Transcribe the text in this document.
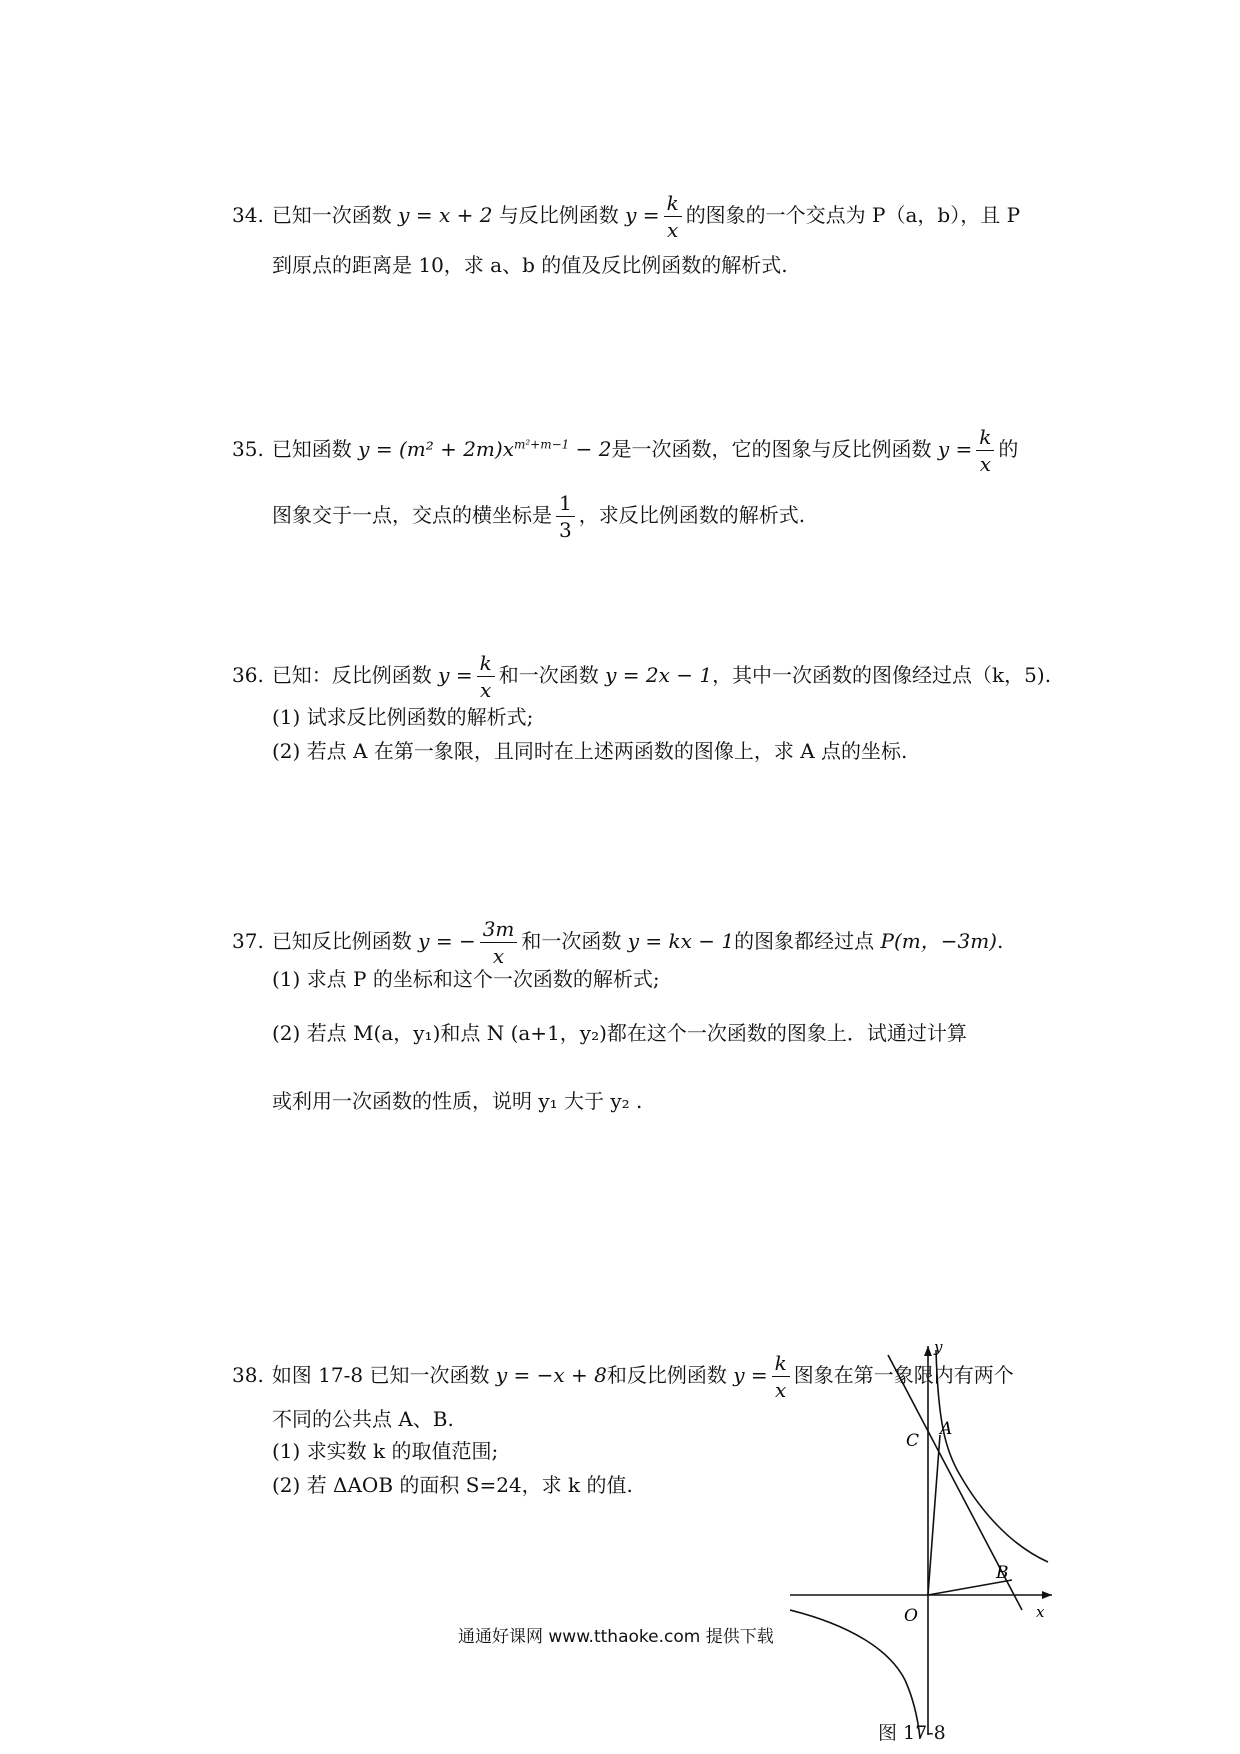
34. 已知一次函数 y = x + 2 与反比例函数 $y = \frac{k}{x}$ 的图象的一个交点为 P（a，b），且 P
到原点的距离是 10，求 a、b 的值及反比例函数的解析式.
35. 已知函数 $y = (m^2 + 2m)x^{m^2+m-1} - 2$是一次函数，它的图象与反比例函数 $y = \frac{k}{x}$ 的
图象交于一点，交点的横坐标是 $\frac{1}{3}$ ，求反比例函数的解析式.
36. 已知：反比例函数 $y = \frac{k}{x}$ 和一次函数 y = 2x − 1，其中一次函数的图像经过点（k，5).
(1) 试求反比例函数的解析式;
(2) 若点 A 在第一象限，且同时在上述两函数的图像上，求 A 点的坐标.
37. 已知反比例函数 y = − $\frac{3m}{x}$ 和一次函数 y = kx − 1的图象都经过点 P(m，−3m).
(1) 求点 P 的坐标和这个一次函数的解析式;
(2) 若点 M(a，y₁)和点 N (a+1，y₂)都在这个一次函数的图象上．试通过计算
或利用一次函数的性质，说明 y₁ 大于 y₂ .
38. 如图 17-8 已知一次函数 y = −x + 8和反比例函数 $y = \frac{k}{x}$ 图象在第一象限内有两个
不同的公共点 A、B.
(1) 求实数 k 的取值范围;
(2) 若 ΔAOB 的面积 S=24，求 k 的值.
y
x
O
A
B
C
图 17-8
通通好课网 www.tthaoke.com 提供下载
